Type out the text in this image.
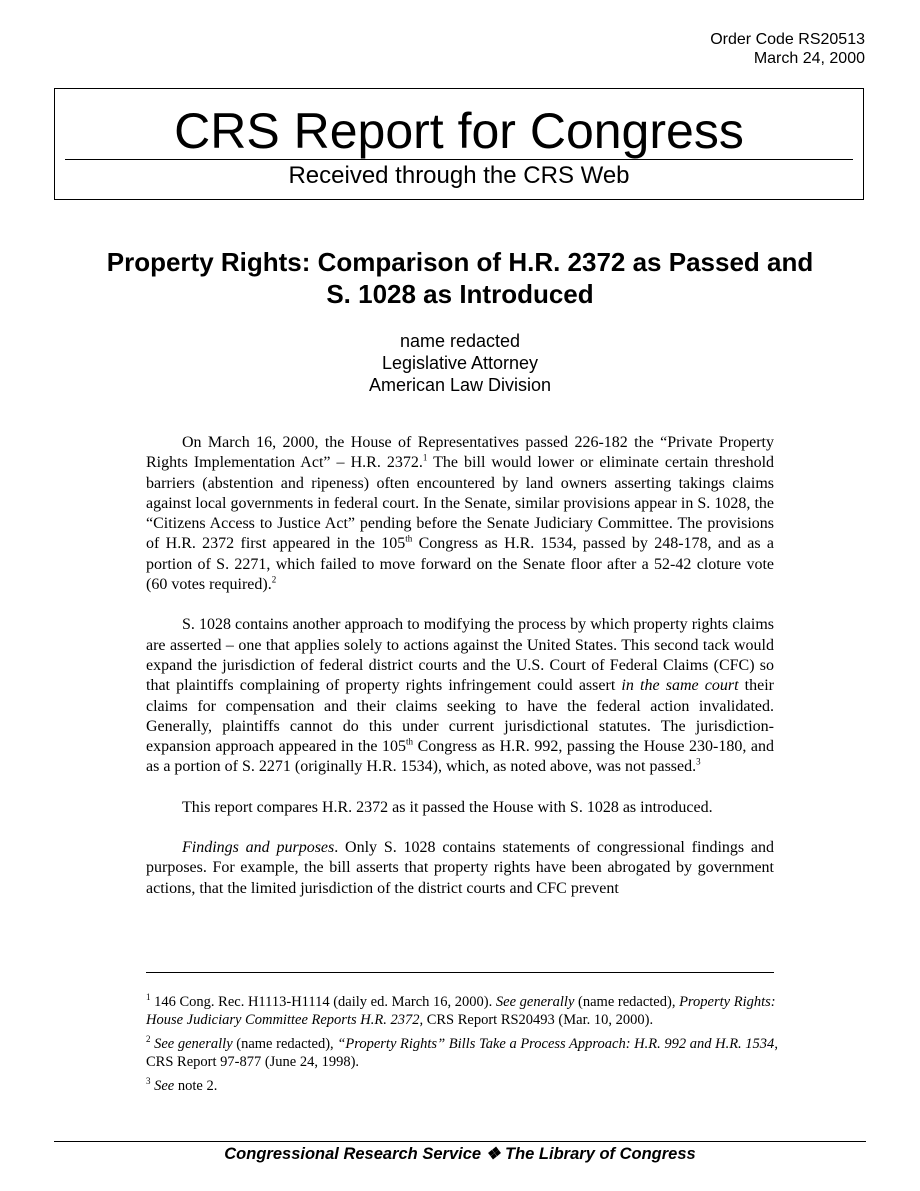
Order Code RS20513
March 24, 2000
CRS Report for Congress
Received through the CRS Web
Property Rights: Comparison of H.R. 2372 as Passed and S. 1028 as Introduced
name redacted
Legislative Attorney
American Law Division

On March 16, 2000, the House of Representatives passed 226-182 the “Private Property Rights Implementation Act” – H.R. 2372.$^1$ The bill would lower or eliminate certain threshold barriers (abstention and ripeness) often encountered by land owners asserting takings claims against local governments in federal court. In the Senate, similar provisions appear in S. 1028, the “Citizens Access to Justice Act” pending before the Senate Judiciary Committee. The provisions of H.R. 2372 first appeared in the 105th Congress as H.R. 1534, passed by 248-178, and as a portion of S. 2271, which failed to move forward on the Senate floor after a 52-42 cloture vote (60 votes required).$^2$

S. 1028 contains another approach to modifying the process by which property rights claims are asserted – one that applies solely to actions against the United States. This second tack would expand the jurisdiction of federal district courts and the U.S. Court of Federal Claims (CFC) so that plaintiffs complaining of property rights infringement could assert in the same court their claims for compensation and their claims seeking to have the federal action invalidated. Generally, plaintiffs cannot do this under current jurisdictional statutes. The jurisdiction-expansion approach appeared in the 105th Congress as H.R. 992, passing the House 230-180, and as a portion of S. 2271 (originally H.R. 1534), which, as noted above, was not passed.$^3$

This report compares H.R. 2372 as it passed the House with S. 1028 as introduced.

Findings and purposes. Only S. 1028 contains statements of congressional findings and purposes. For example, the bill asserts that property rights have been abrogated by government actions, that the limited jurisdiction of the district courts and CFC prevent

$^1$ 146 Cong. Rec. H1113-H1114 (daily ed. March 16, 2000). See generally (name redacted), Property Rights: House Judiciary Committee Reports H.R. 2372, CRS Report RS20493 (Mar. 10, 2000).

$^2$ See generally (name redacted), “Property Rights” Bills Take a Process Approach: H.R. 992 and H.R. 1534, CRS Report 97-877 (June 24, 1998).

$^3$ See note 2.

Congressional Research Service ❖ The Library of Congress
